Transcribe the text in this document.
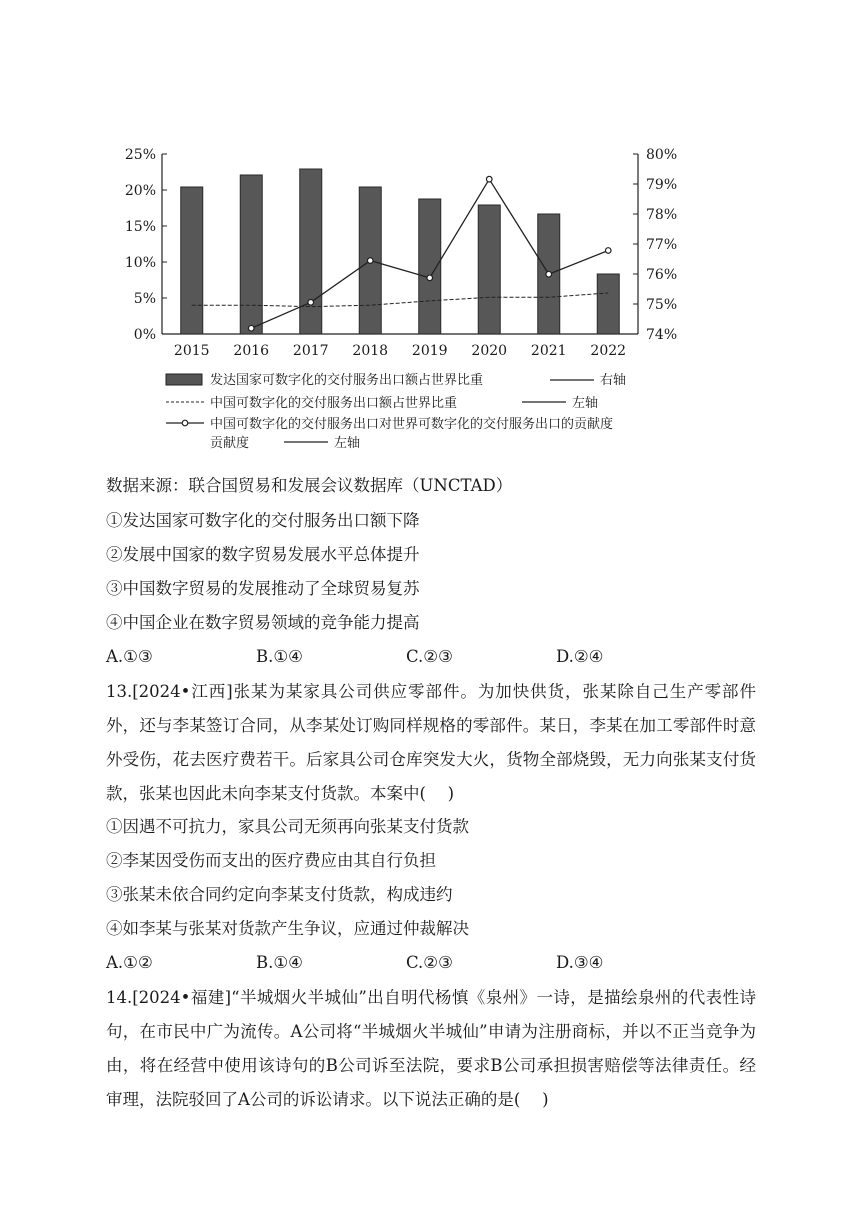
0%
5%
10%
15%
20%
25%
74%
75%
76%
77%
78%
79%
80%
2015 2016 2017 2018 2019 2020 2021 2022
发达国家可数字化的交付服务出口额占世界比重	右轴
中国可数字化的交付服务出口额占世界比重	左轴
中国可数字化的交付服务出口对世界可数字化的交付服务出口的贡献度
贡献度	左轴
数据来源：联合国贸易和发展会议数据库（UNCTAD）
①发达国家可数字化的交付服务出口额下降
②发展中国家的数字贸易发展水平总体提升
③中国数字贸易的发展推动了全球贸易复苏
④中国企业在数字贸易领域的竞争能力提高
A.①③	B.①④	C.②③	D.②④
13.[2024•江西]张某为某家具公司供应零部件。为加快供货，张某除自己生产零部件外，还与李某签订合同，从李某处订购同样规格的零部件。某日，李某在加工零部件时意外受伤，花去医疗费若干。后家具公司仓库突发大火，货物全部烧毁，无力向张某支付货款，张某也因此未向李某支付货款。本案中(　 )
①因遇不可抗力，家具公司无须再向张某支付货款
②李某因受伤而支出的医疗费应由其自行负担
③张某未依合同约定向李某支付货款，构成违约
④如李某与张某对货款产生争议，应通过仲裁解决
A.①②	B.①④	C.②③	D.③④
14.[2024•福建]“半城烟火半城仙”出自明代杨慎《泉州》一诗，是描绘泉州的代表性诗句，在市民中广为流传。A公司将“半城烟火半城仙”申请为注册商标，并以不正当竞争为由，将在经营中使用该诗句的B公司诉至法院，要求B公司承担损害赔偿等法律责任。经审理，法院驳回了A公司的诉讼请求。以下说法正确的是(　 )
